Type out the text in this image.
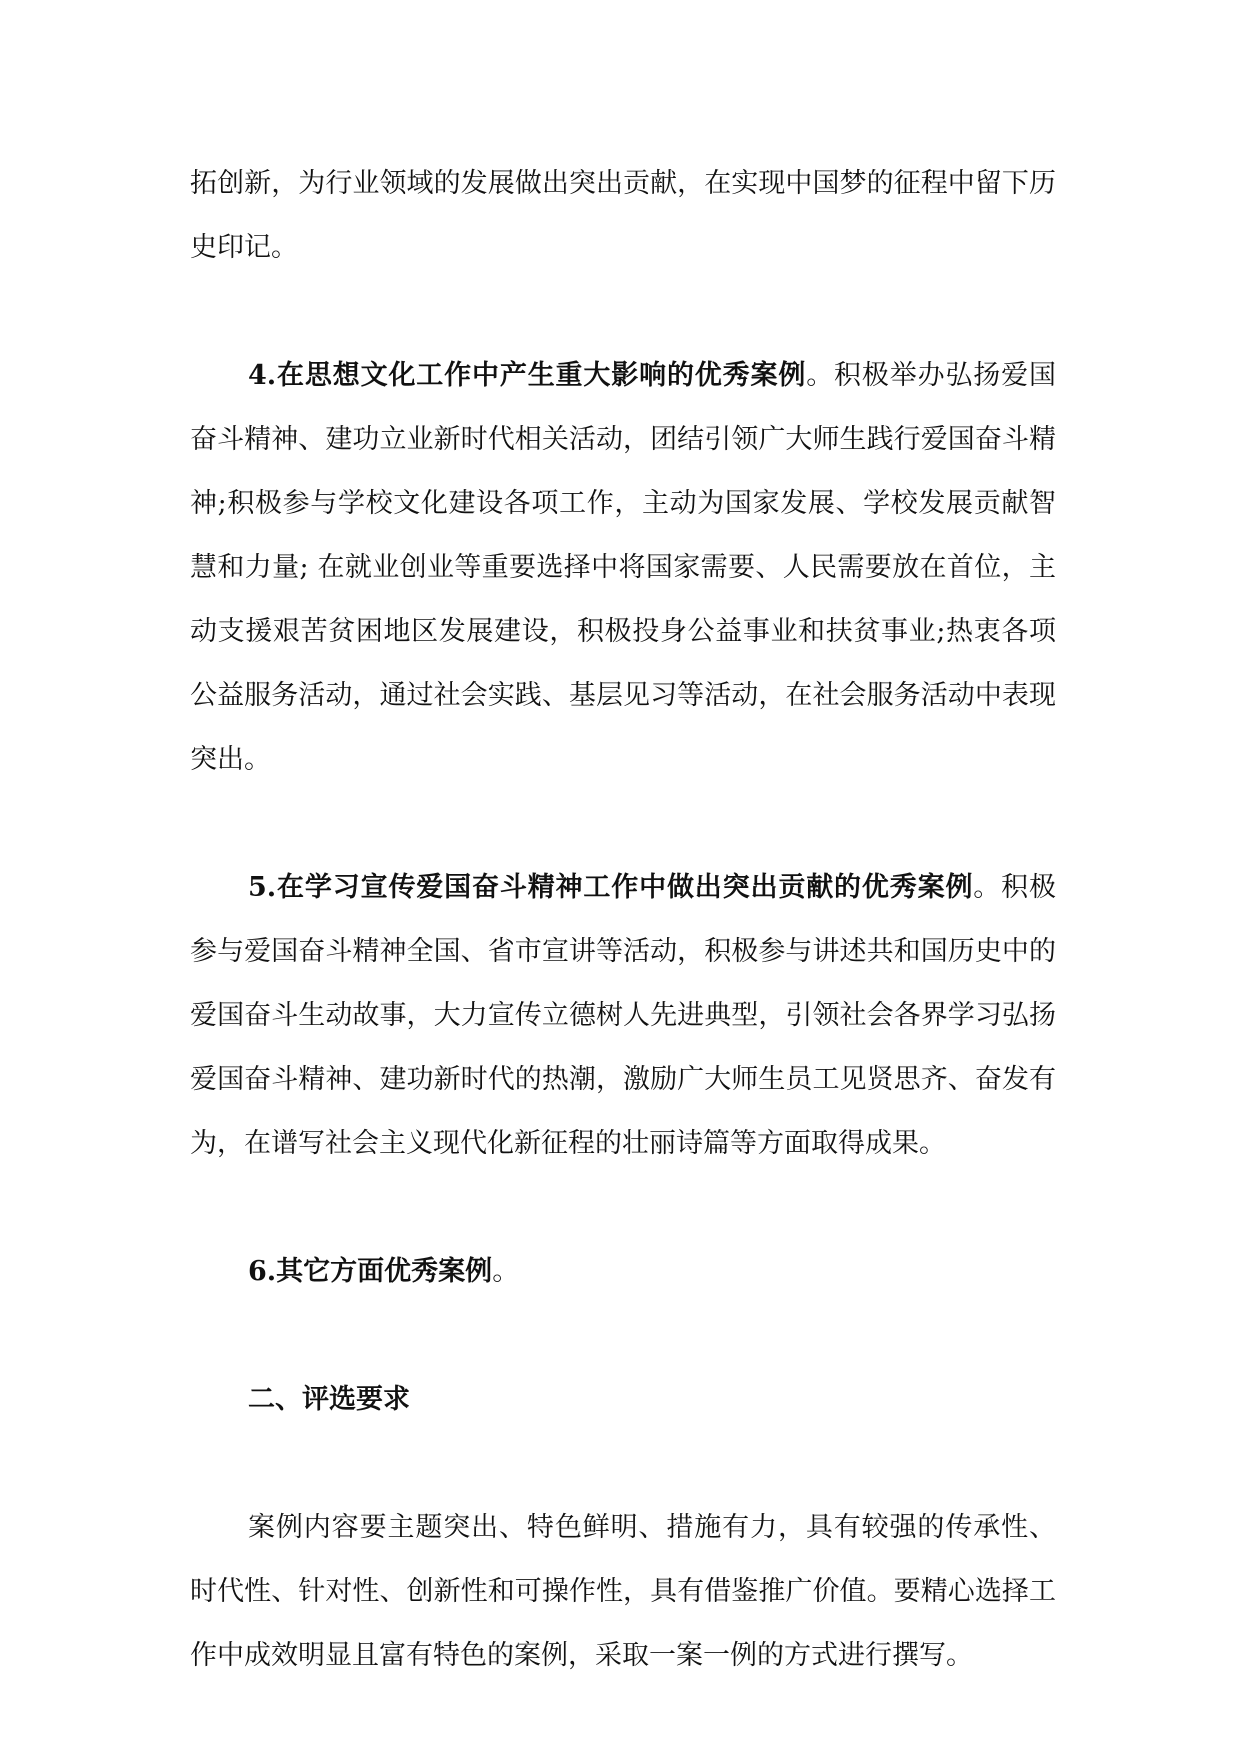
拓创新，为行业领域的发展做出突出贡献，在实现中国梦的征程中留下历史印记。

4.在思想文化工作中产生重大影响的优秀案例。积极举办弘扬爱国奋斗精神、建功立业新时代相关活动，团结引领广大师生践行爱国奋斗精神;积极参与学校文化建设各项工作，主动为国家发展、学校发展贡献智慧和力量; 在就业创业等重要选择中将国家需要、人民需要放在首位，主动支援艰苦贫困地区发展建设，积极投身公益事业和扶贫事业;热衷各项公益服务活动，通过社会实践、基层见习等活动，在社会服务活动中表现突出。

5.在学习宣传爱国奋斗精神工作中做出突出贡献的优秀案例。积极参与爱国奋斗精神全国、省市宣讲等活动，积极参与讲述共和国历史中的爱国奋斗生动故事，大力宣传立德树人先进典型，引领社会各界学习弘扬爱国奋斗精神、建功新时代的热潮，激励广大师生员工见贤思齐、奋发有为，在谱写社会主义现代化新征程的壮丽诗篇等方面取得成果。

6.其它方面优秀案例。

二、评选要求

案例内容要主题突出、特色鲜明、措施有力，具有较强的传承性、时代性、针对性、创新性和可操作性，具有借鉴推广价值。要精心选择工作中成效明显且富有特色的案例，采取一案一例的方式进行撰写。
